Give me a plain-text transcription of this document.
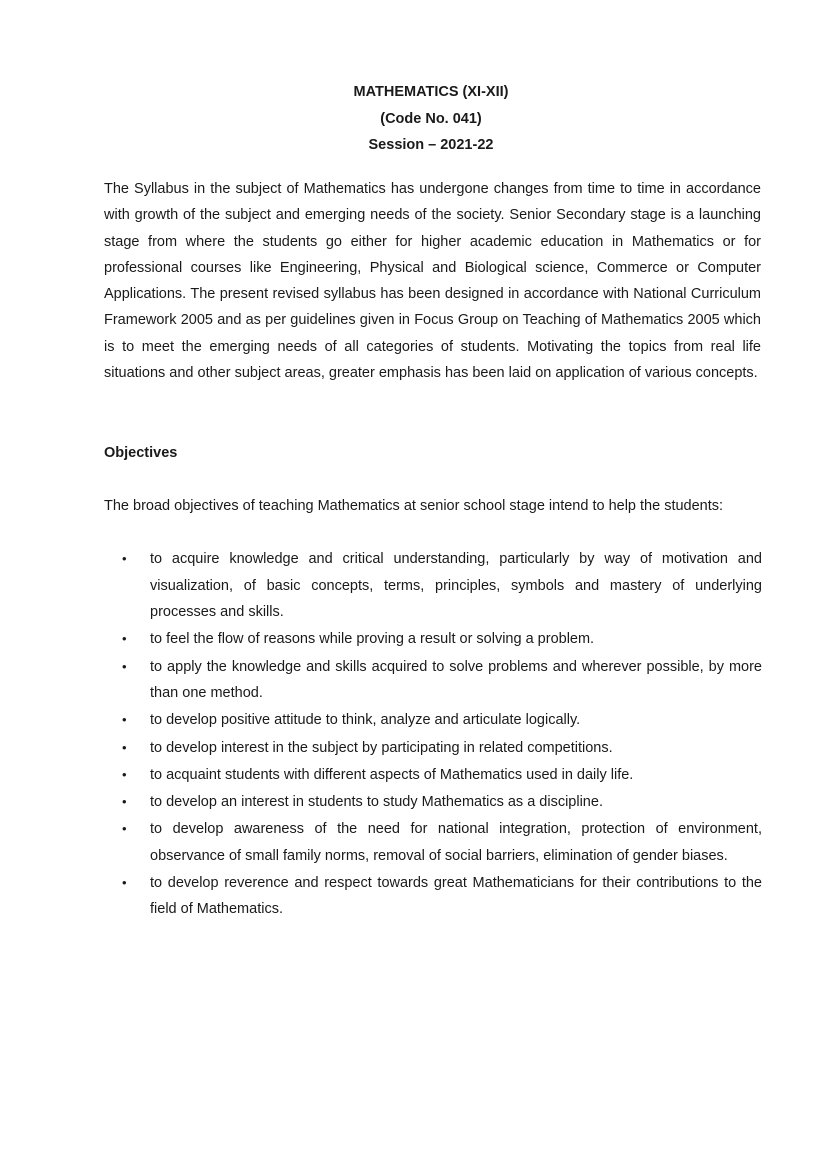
MATHEMATICS (XI-XII)

(Code No. 041)

Session – 2021-22

The Syllabus in the subject of Mathematics has undergone changes from time to time in accordance with growth of the subject and emerging needs of the society. Senior Secondary stage is a launching stage from where the students go either for higher academic education in Mathematics or for professional courses like Engineering, Physical and Biological science, Commerce or Computer Applications. The present revised syllabus has been designed in accordance with National Curriculum Framework 2005 and as per guidelines given in Focus Group on Teaching of Mathematics 2005 which is to meet the emerging needs of all categories of students. Motivating the topics from real life situations and other subject areas, greater emphasis has been laid on application of various concepts.

Objectives

The broad objectives of teaching Mathematics at senior school stage intend to help the students:

•	to acquire knowledge and critical understanding, particularly by way of motivation and visualization, of basic concepts, terms, principles, symbols and mastery of underlying processes and skills.
•	to feel the flow of reasons while proving a result or solving a problem.
•	to apply the knowledge and skills acquired to solve problems and wherever possible, by more than one method.
•	to develop positive attitude to think, analyze and articulate logically.
•	to develop interest in the subject by participating in related competitions.
•	to acquaint students with different aspects of Mathematics used in daily life.
•	to develop an interest in students to study Mathematics as a discipline.
•	to develop awareness of the need for national integration, protection of environment, observance of small family norms, removal of social barriers, elimination of gender biases.
•	to develop reverence and respect towards great Mathematicians for their contributions to the field of Mathematics.
